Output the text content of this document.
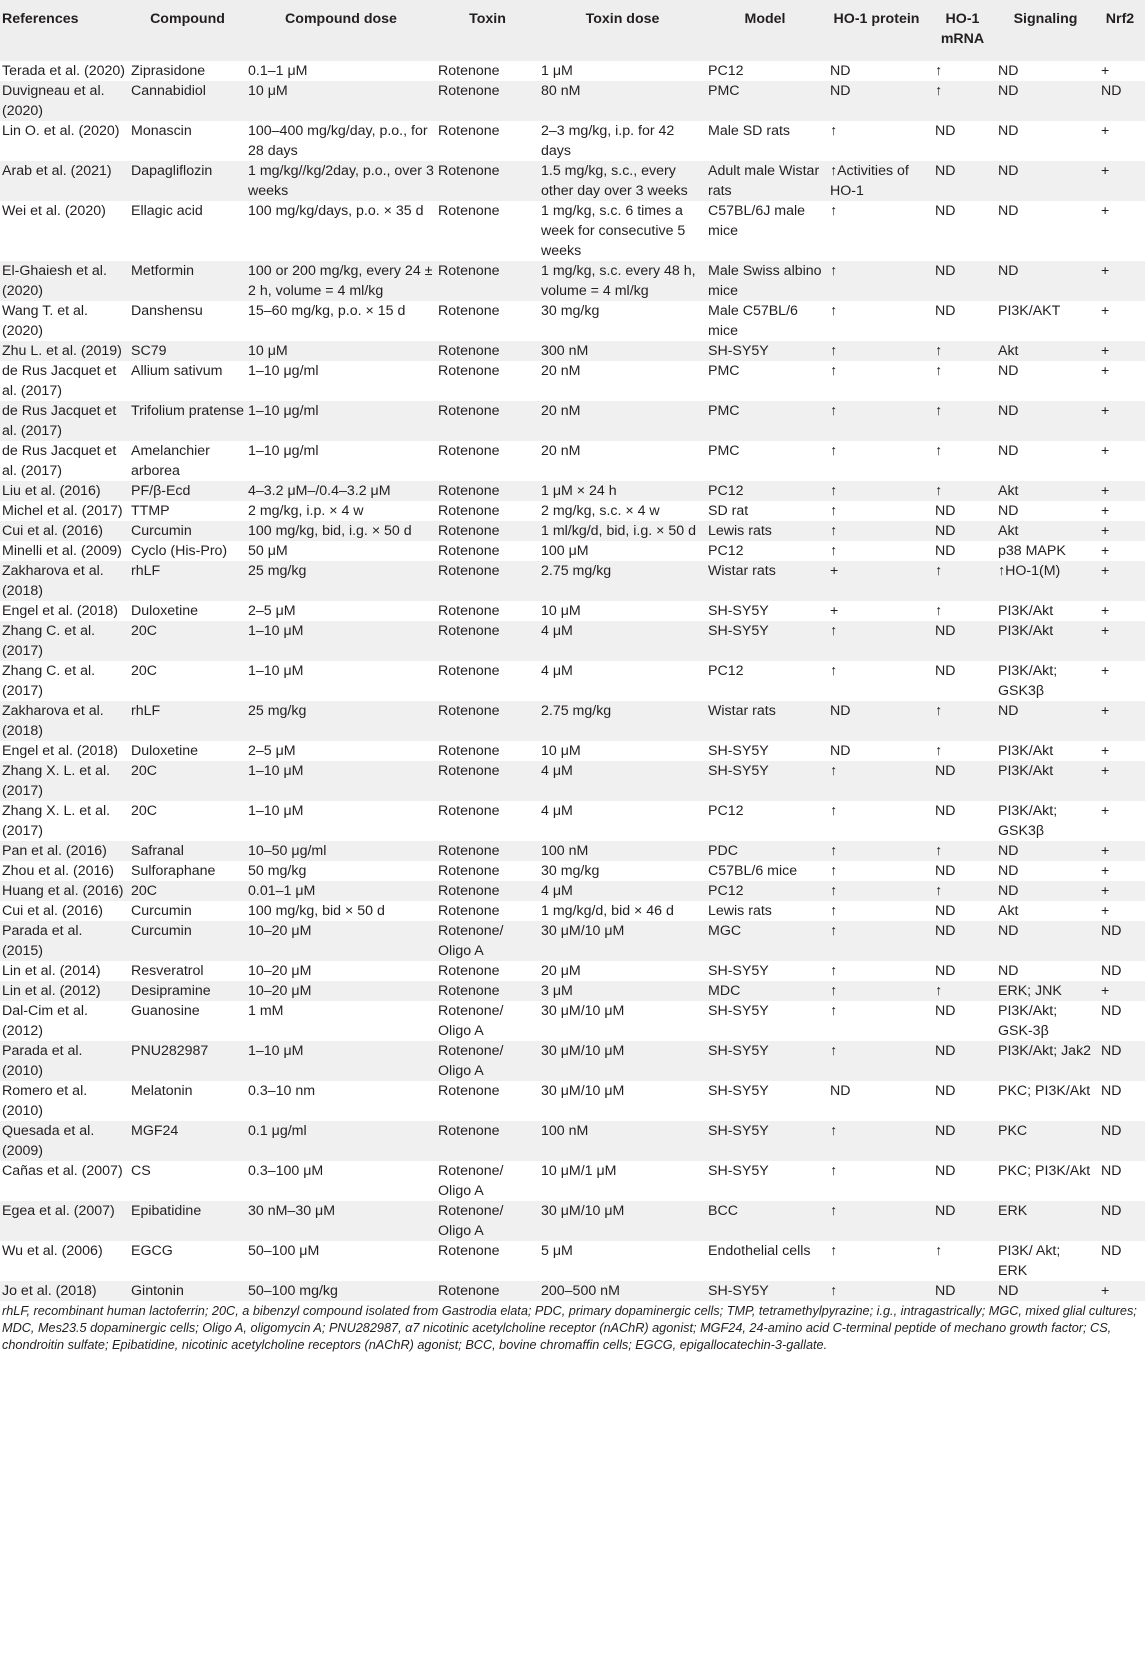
References	Compound	Compound dose	Toxin	Toxin dose	Model	HO-1 protein	HO-1 mRNA	Signaling	Nrf2
Terada et al. (2020)	Ziprasidone	0.1–1 μM	Rotenone	1 μM	PC12	ND	↑	ND	+
Duvigneau et al. (2020)	Cannabidiol	10 μM	Rotenone	80 nM	PMC	ND	↑	ND	ND
Lin O. et al. (2020)	Monascin	100–400 mg/kg/day, p.o., for 28 days	Rotenone	2–3 mg/kg, i.p. for 42 days	Male SD rats	↑	ND	ND	+
Arab et al. (2021)	Dapagliflozin	1 mg/kg//kg/2day, p.o., over 3 weeks	Rotenone	1.5 mg/kg, s.c., every other day over 3 weeks	Adult male Wistar rats	↑Activities of HO-1	ND	ND	+
Wei et al. (2020)	Ellagic acid	100 mg/kg/days, p.o. × 35 d	Rotenone	1 mg/kg, s.c. 6 times a week for consecutive 5 weeks	C57BL/6J male mice	↑	ND	ND	+
El-Ghaiesh et al. (2020)	Metformin	100 or 200 mg/kg, every 24 ± 2 h, volume = 4 ml/kg	Rotenone	1 mg/kg, s.c. every 48 h, volume = 4 ml/kg	Male Swiss albino mice	↑	ND	ND	+
Wang T. et al. (2020)	Danshensu	15–60 mg/kg, p.o. × 15 d	Rotenone	30 mg/kg	Male C57BL/6 mice	↑	ND	PI3K/AKT	+
Zhu L. et al. (2019)	SC79	10 μM	Rotenone	300 nM	SH-SY5Y	↑	↑	Akt	+
de Rus Jacquet et al. (2017)	Allium sativum	1–10 μg/ml	Rotenone	20 nM	PMC	↑	↑	ND	+
de Rus Jacquet et al. (2017)	Trifolium pratense	1–10 μg/ml	Rotenone	20 nM	PMC	↑	↑	ND	+
de Rus Jacquet et al. (2017)	Amelanchier arborea	1–10 μg/ml	Rotenone	20 nM	PMC	↑	↑	ND	+
Liu et al. (2016)	PF/β-Ecd	4–3.2 μM–/0.4–3.2 μM	Rotenone	1 μM × 24 h	PC12	↑	↑	Akt	+
Michel et al. (2017)	TTMP	2 mg/kg, i.p. × 4 w	Rotenone	2 mg/kg, s.c. × 4 w	SD rat	↑	ND	ND	+
Cui et al. (2016)	Curcumin	100 mg/kg, bid, i.g. × 50 d	Rotenone	1 ml/kg/d, bid, i.g. × 50 d	Lewis rats	↑	ND	Akt	+
Minelli et al. (2009)	Cyclo (His-Pro)	50 μM	Rotenone	100 μM	PC12	↑	ND	p38 MAPK	+
Zakharova et al. (2018)	rhLF	25 mg/kg	Rotenone	2.75 mg/kg	Wistar rats	+	↑	↑HO-1(M)	+
Engel et al. (2018)	Duloxetine	2–5 μM	Rotenone	10 μM	SH-SY5Y	+	↑	PI3K/Akt	+
Zhang C. et al. (2017)	20C	1–10 μM	Rotenone	4 μM	SH-SY5Y	↑	ND	PI3K/Akt	+
Zhang C. et al. (2017)	20C	1–10 μM	Rotenone	4 μM	PC12	↑	ND	PI3K/Akt; GSK3β	+
Zakharova et al. (2018)	rhLF	25 mg/kg	Rotenone	2.75 mg/kg	Wistar rats	ND	↑	ND	+
Engel et al. (2018)	Duloxetine	2–5 μM	Rotenone	10 μM	SH-SY5Y	ND	↑	PI3K/Akt	+
Zhang X. L. et al. (2017)	20C	1–10 μM	Rotenone	4 μM	SH-SY5Y	↑	ND	PI3K/Akt	+
Zhang X. L. et al. (2017)	20C	1–10 μM	Rotenone	4 μM	PC12	↑	ND	PI3K/Akt; GSK3β	+
Pan et al. (2016)	Safranal	10–50 μg/ml	Rotenone	100 nM	PDC	↑	↑	ND	+
Zhou et al. (2016)	Sulforaphane	50 mg/kg	Rotenone	30 mg/kg	C57BL/6 mice	↑	ND	ND	+
Huang et al. (2016)	20C	0.01–1 μM	Rotenone	4 μM	PC12	↑	↑	ND	+
Cui et al. (2016)	Curcumin	100 mg/kg, bid × 50 d	Rotenone	1 mg/kg/d, bid × 46 d	Lewis rats	↑	ND	Akt	+
Parada et al. (2015)	Curcumin	10–20 μM	Rotenone/ Oligo A	30 μM/10 μM	MGC	↑	ND	ND	ND
Lin et al. (2014)	Resveratrol	10–20 μM	Rotenone	20 μM	SH-SY5Y	↑	ND	ND	ND
Lin et al. (2012)	Desipramine	10–20 μM	Rotenone	3 μM	MDC	↑	↑	ERK; JNK	+
Dal-Cim et al. (2012)	Guanosine	1 mM	Rotenone/ Oligo A	30 μM/10 μM	SH-SY5Y	↑	ND	PI3K/Akt; GSK-3β	ND
Parada et al. (2010)	PNU282987	1–10 μM	Rotenone/ Oligo A	30 μM/10 μM	SH-SY5Y	↑	ND	PI3K/Akt; Jak2	ND
Romero et al. (2010)	Melatonin	0.3–10 nm	Rotenone	30 μM/10 μM	SH-SY5Y	ND	ND	PKC; PI3K/Akt	ND
Quesada et al. (2009)	MGF24	0.1 μg/ml	Rotenone	100 nM	SH-SY5Y	↑	ND	PKC	ND
Cañas et al. (2007)	CS	0.3–100 μM	Rotenone/ Oligo A	10 μM/1 μM	SH-SY5Y	↑	ND	PKC; PI3K/Akt	ND
Egea et al. (2007)	Epibatidine	30 nM–30 μM	Rotenone/ Oligo A	30 μM/10 μM	BCC	↑	ND	ERK	ND
Wu et al. (2006)	EGCG	50–100 μM	Rotenone	5 μM	Endothelial cells	↑	↑	PI3K/ Akt; ERK	ND
Jo et al. (2018)	Gintonin	50–100 mg/kg	Rotenone	200–500 nM	SH-SY5Y	↑	ND	ND	+
rhLF, recombinant human lactoferrin; 20C, a bibenzyl compound isolated from Gastrodia elata; PDC, primary dopaminergic cells; TMP, tetramethylpyrazine; i.g., intragastrically; MGC, mixed glial cultures; MDC, Mes23.5 dopaminergic cells; Oligo A, oligomycin A; PNU282987, α7 nicotinic acetylcholine receptor (nAChR) agonist; MGF24, 24-amino acid C-terminal peptide of mechano growth factor; CS, chondroitin sulfate; Epibatidine, nicotinic acetylcholine receptors (nAChR) agonist; BCC, bovine chromaffin cells; EGCG, epigallocatechin-3-gallate.
